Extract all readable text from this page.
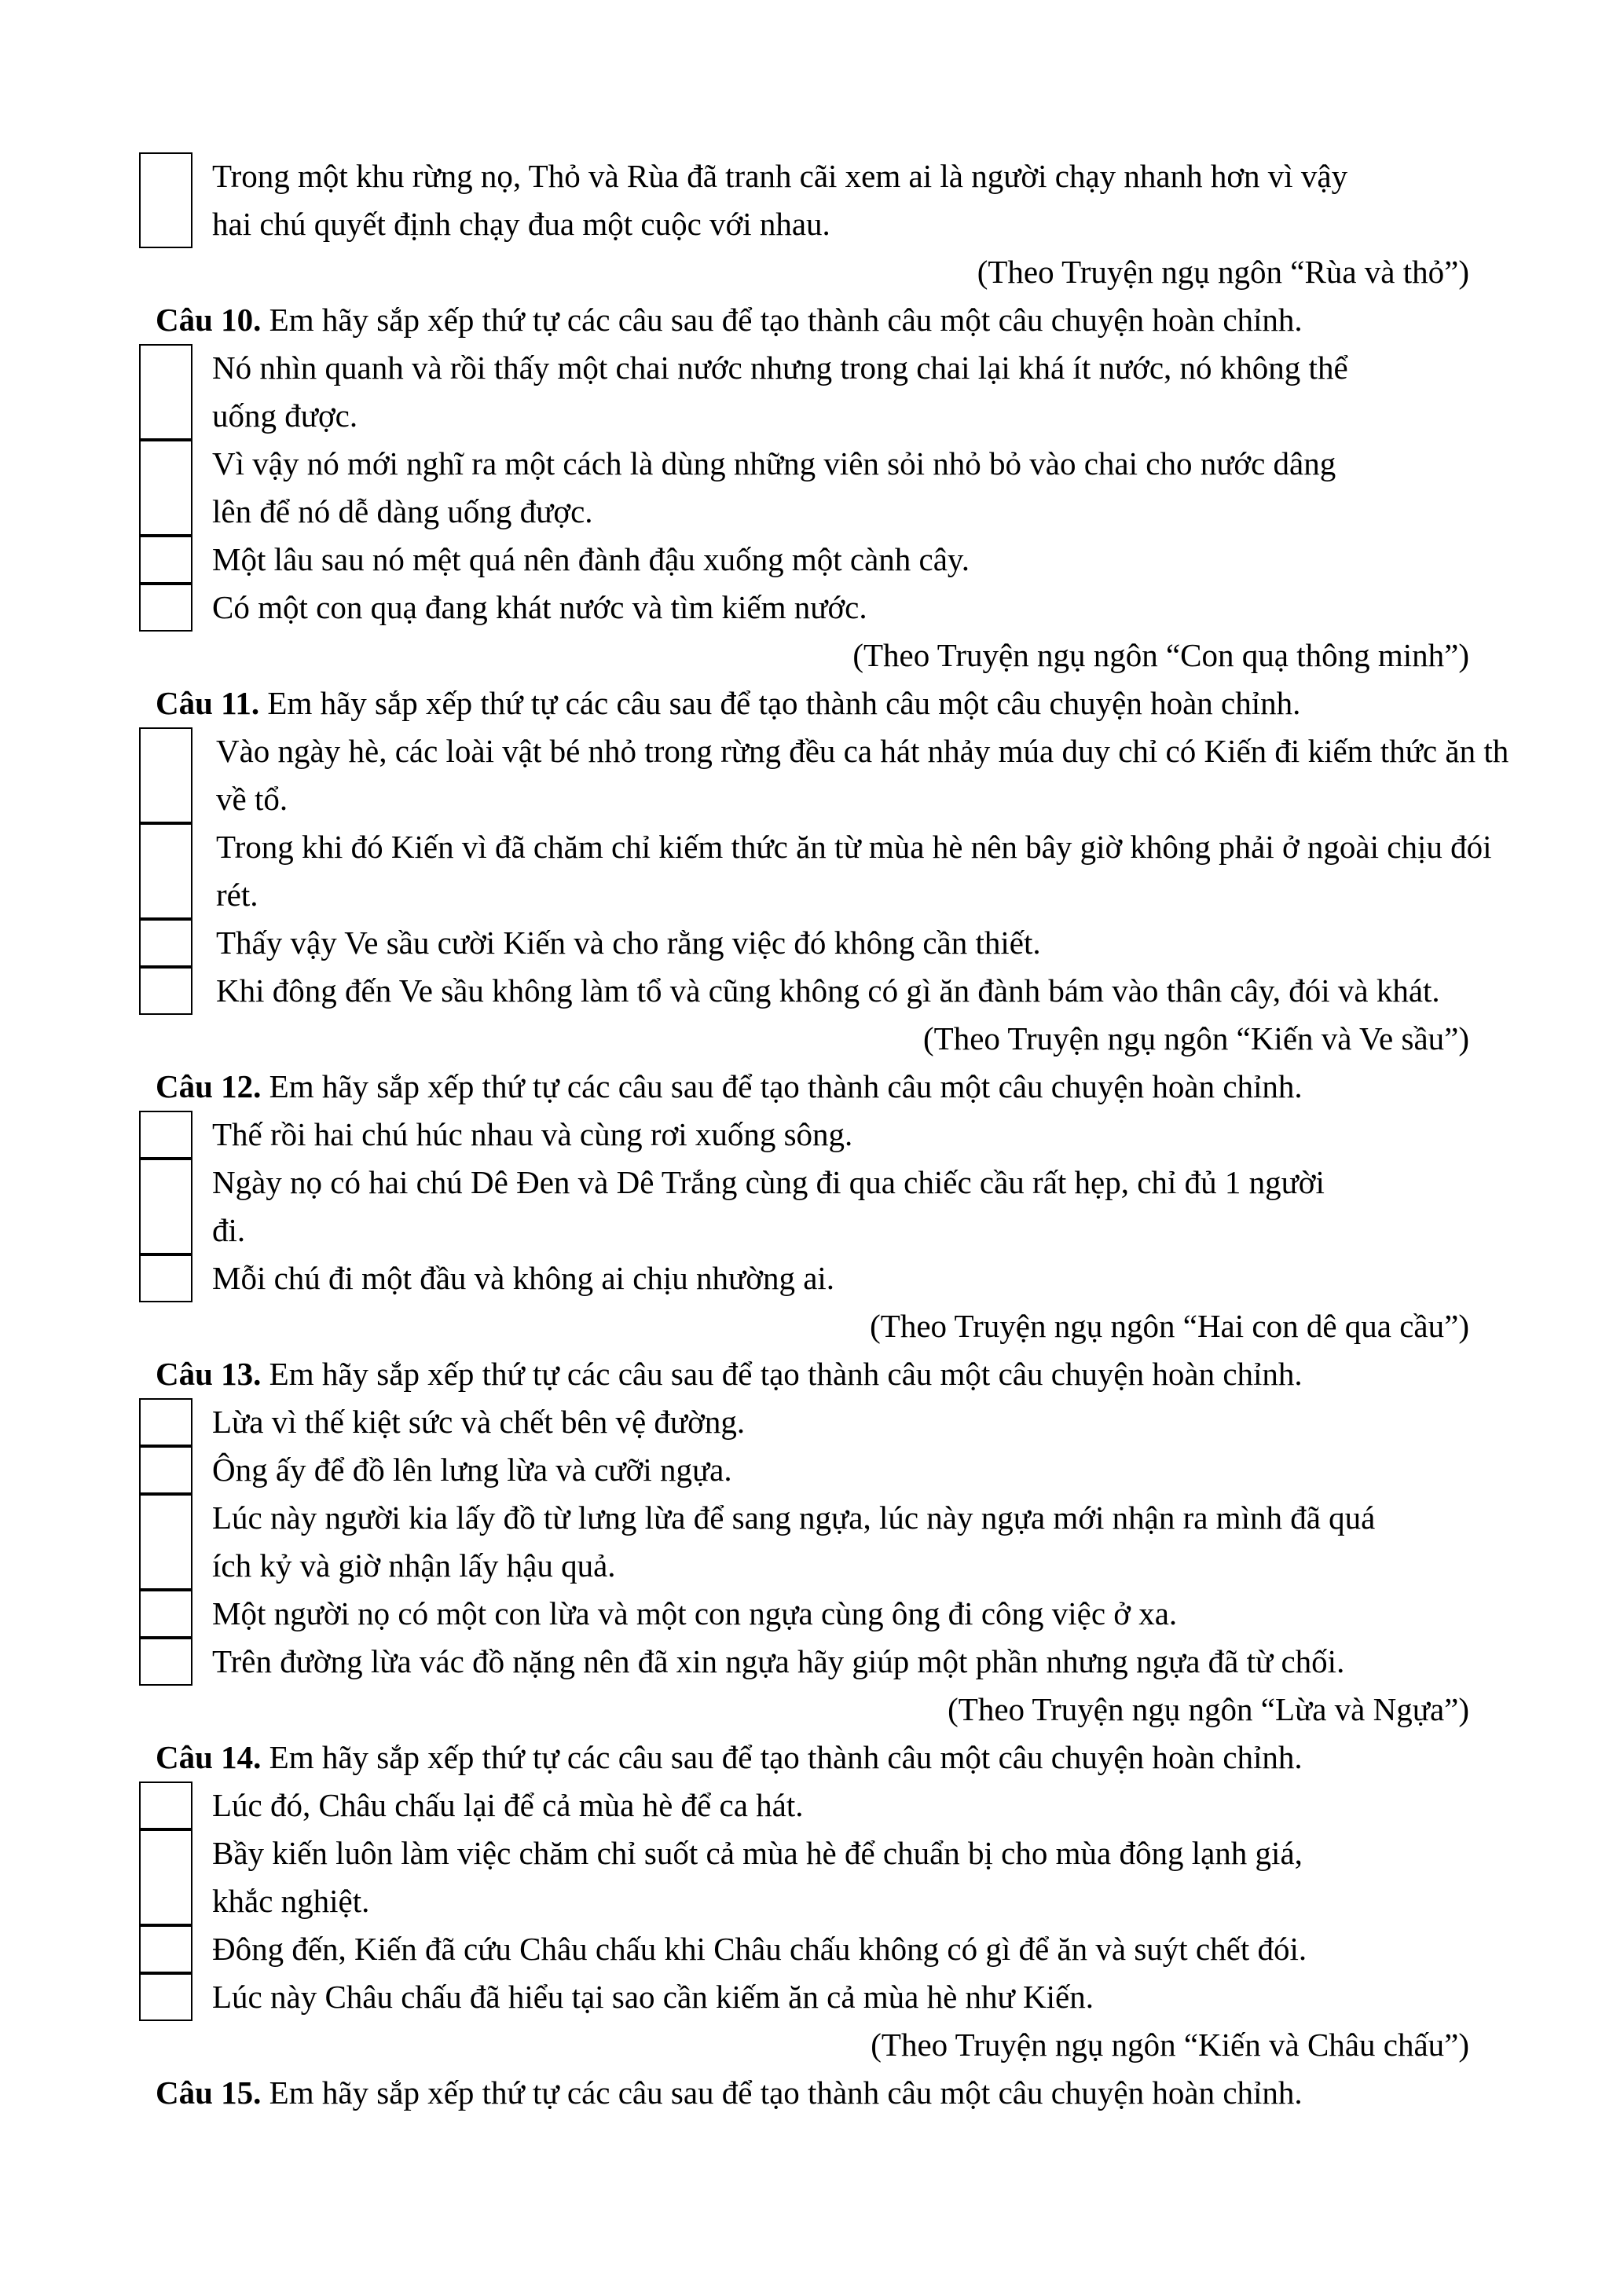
Trong một khu rừng nọ, Thỏ và Rùa đã tranh cãi xem ai là người chạy nhanh hơn vì vậy
hai chú quyết định chạy đua một cuộc với nhau.
(Theo Truyện ngụ ngôn “Rùa và thỏ”)
Câu 10. Em hãy sắp xếp thứ tự các câu sau để tạo thành câu một câu chuyện hoàn chỉnh.
Nó nhìn quanh và rồi thấy một chai nước nhưng trong chai lại khá ít nước, nó không thể
uống được.
Vì vậy nó mới nghĩ ra một cách là dùng những viên sỏi nhỏ bỏ vào chai cho nước dâng
lên để nó dễ dàng uống được.
Một lâu sau nó mệt quá nên đành đậu xuống một cành cây.
Có một con quạ đang khát nước và tìm kiếm nước.
(Theo Truyện ngụ ngôn “Con quạ thông minh”)
Câu 11. Em hãy sắp xếp thứ tự các câu sau để tạo thành câu một câu chuyện hoàn chỉnh.
Vào ngày hè, các loài vật bé nhỏ trong rừng đều ca hát nhảy múa duy chỉ có Kiến đi kiếm thức ăn th
về tổ.
Trong khi đó Kiến vì đã chăm chỉ kiếm thức ăn từ mùa hè nên bây giờ không phải ở ngoài chịu đói
rét.
Thấy vậy Ve sầu cười Kiến và cho rằng việc đó không cần thiết.
Khi đông đến Ve sầu không làm tổ và cũng không có gì ăn đành bám vào thân cây, đói và khát.
(Theo Truyện ngụ ngôn “Kiến và Ve sầu”)
Câu 12. Em hãy sắp xếp thứ tự các câu sau để tạo thành câu một câu chuyện hoàn chỉnh.
Thế rồi hai chú húc nhau và cùng rơi xuống sông.
Ngày nọ có hai chú Dê Đen và Dê Trắng cùng đi qua chiếc cầu rất hẹp, chỉ đủ 1 người
đi.
Mỗi chú đi một đầu và không ai chịu nhường ai.
(Theo Truyện ngụ ngôn “Hai con dê qua cầu”)
Câu 13. Em hãy sắp xếp thứ tự các câu sau để tạo thành câu một câu chuyện hoàn chỉnh.
Lừa vì thế kiệt sức và chết bên vệ đường.
Ông ấy để đồ lên lưng lừa và cưỡi ngựa.
Lúc này người kia lấy đồ từ lưng lừa để sang ngựa, lúc này ngựa mới nhận ra mình đã quá
ích kỷ và giờ nhận lấy hậu quả.
Một người nọ có một con lừa và một con ngựa cùng ông đi công việc ở xa.
Trên đường lừa vác đồ nặng nên đã xin ngựa hãy giúp một phần nhưng ngựa đã từ chối.
(Theo Truyện ngụ ngôn “Lừa và Ngựa”)
Câu 14. Em hãy sắp xếp thứ tự các câu sau để tạo thành câu một câu chuyện hoàn chỉnh.
Lúc đó, Châu chấu lại để cả mùa hè để ca hát.
Bầy kiến luôn làm việc chăm chỉ suốt cả mùa hè để chuẩn bị cho mùa đông lạnh giá,
khắc nghiệt.
Đông đến, Kiến đã cứu Châu chấu khi Châu chấu không có gì để ăn và suýt chết đói.
Lúc này Châu chấu đã hiểu tại sao cần kiếm ăn cả mùa hè như Kiến.
(Theo Truyện ngụ ngôn “Kiến và Châu chấu”)
Câu 15. Em hãy sắp xếp thứ tự các câu sau để tạo thành câu một câu chuyện hoàn chỉnh.
